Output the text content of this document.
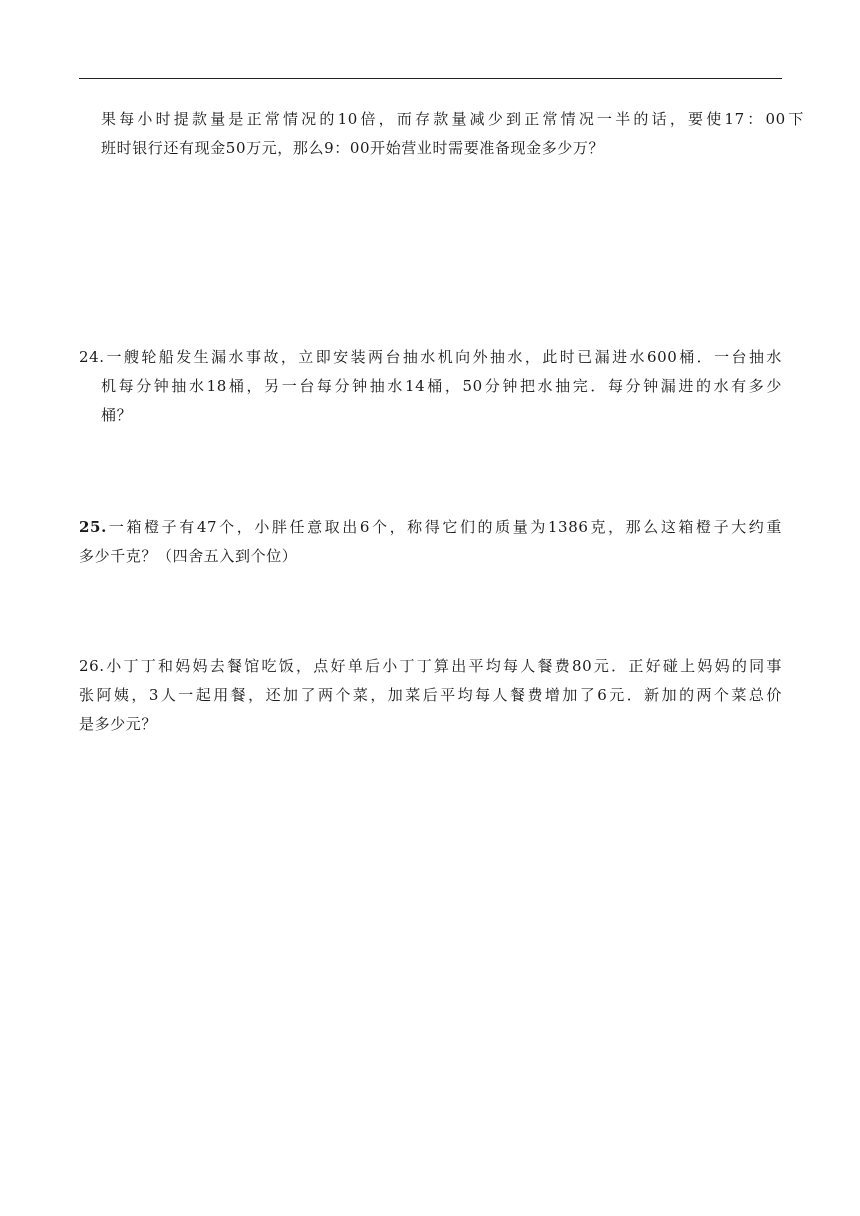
果每小时提款量是正常情况的10倍，而存款量减少到正常情况一半的话，要使17：00下
班时银行还有现金50万元，那么9：00开始营业时需要准备现金多少万？
24.一艘轮船发生漏水事故，立即安装两台抽水机向外抽水，此时已漏进水600桶．一台抽水
机每分钟抽水18桶，另一台每分钟抽水14桶，50分钟把水抽完．每分钟漏进的水有多少
桶？
25.一箱橙子有47个，小胖任意取出6个，称得它们的质量为1386克，那么这箱橙子大约重
多少千克？（四舍五入到个位）
26.小丁丁和妈妈去餐馆吃饭，点好单后小丁丁算出平均每人餐费80元．正好碰上妈妈的同事
张阿姨，3人一起用餐，还加了两个菜，加菜后平均每人餐费增加了6元．新加的两个菜总价
是多少元？
